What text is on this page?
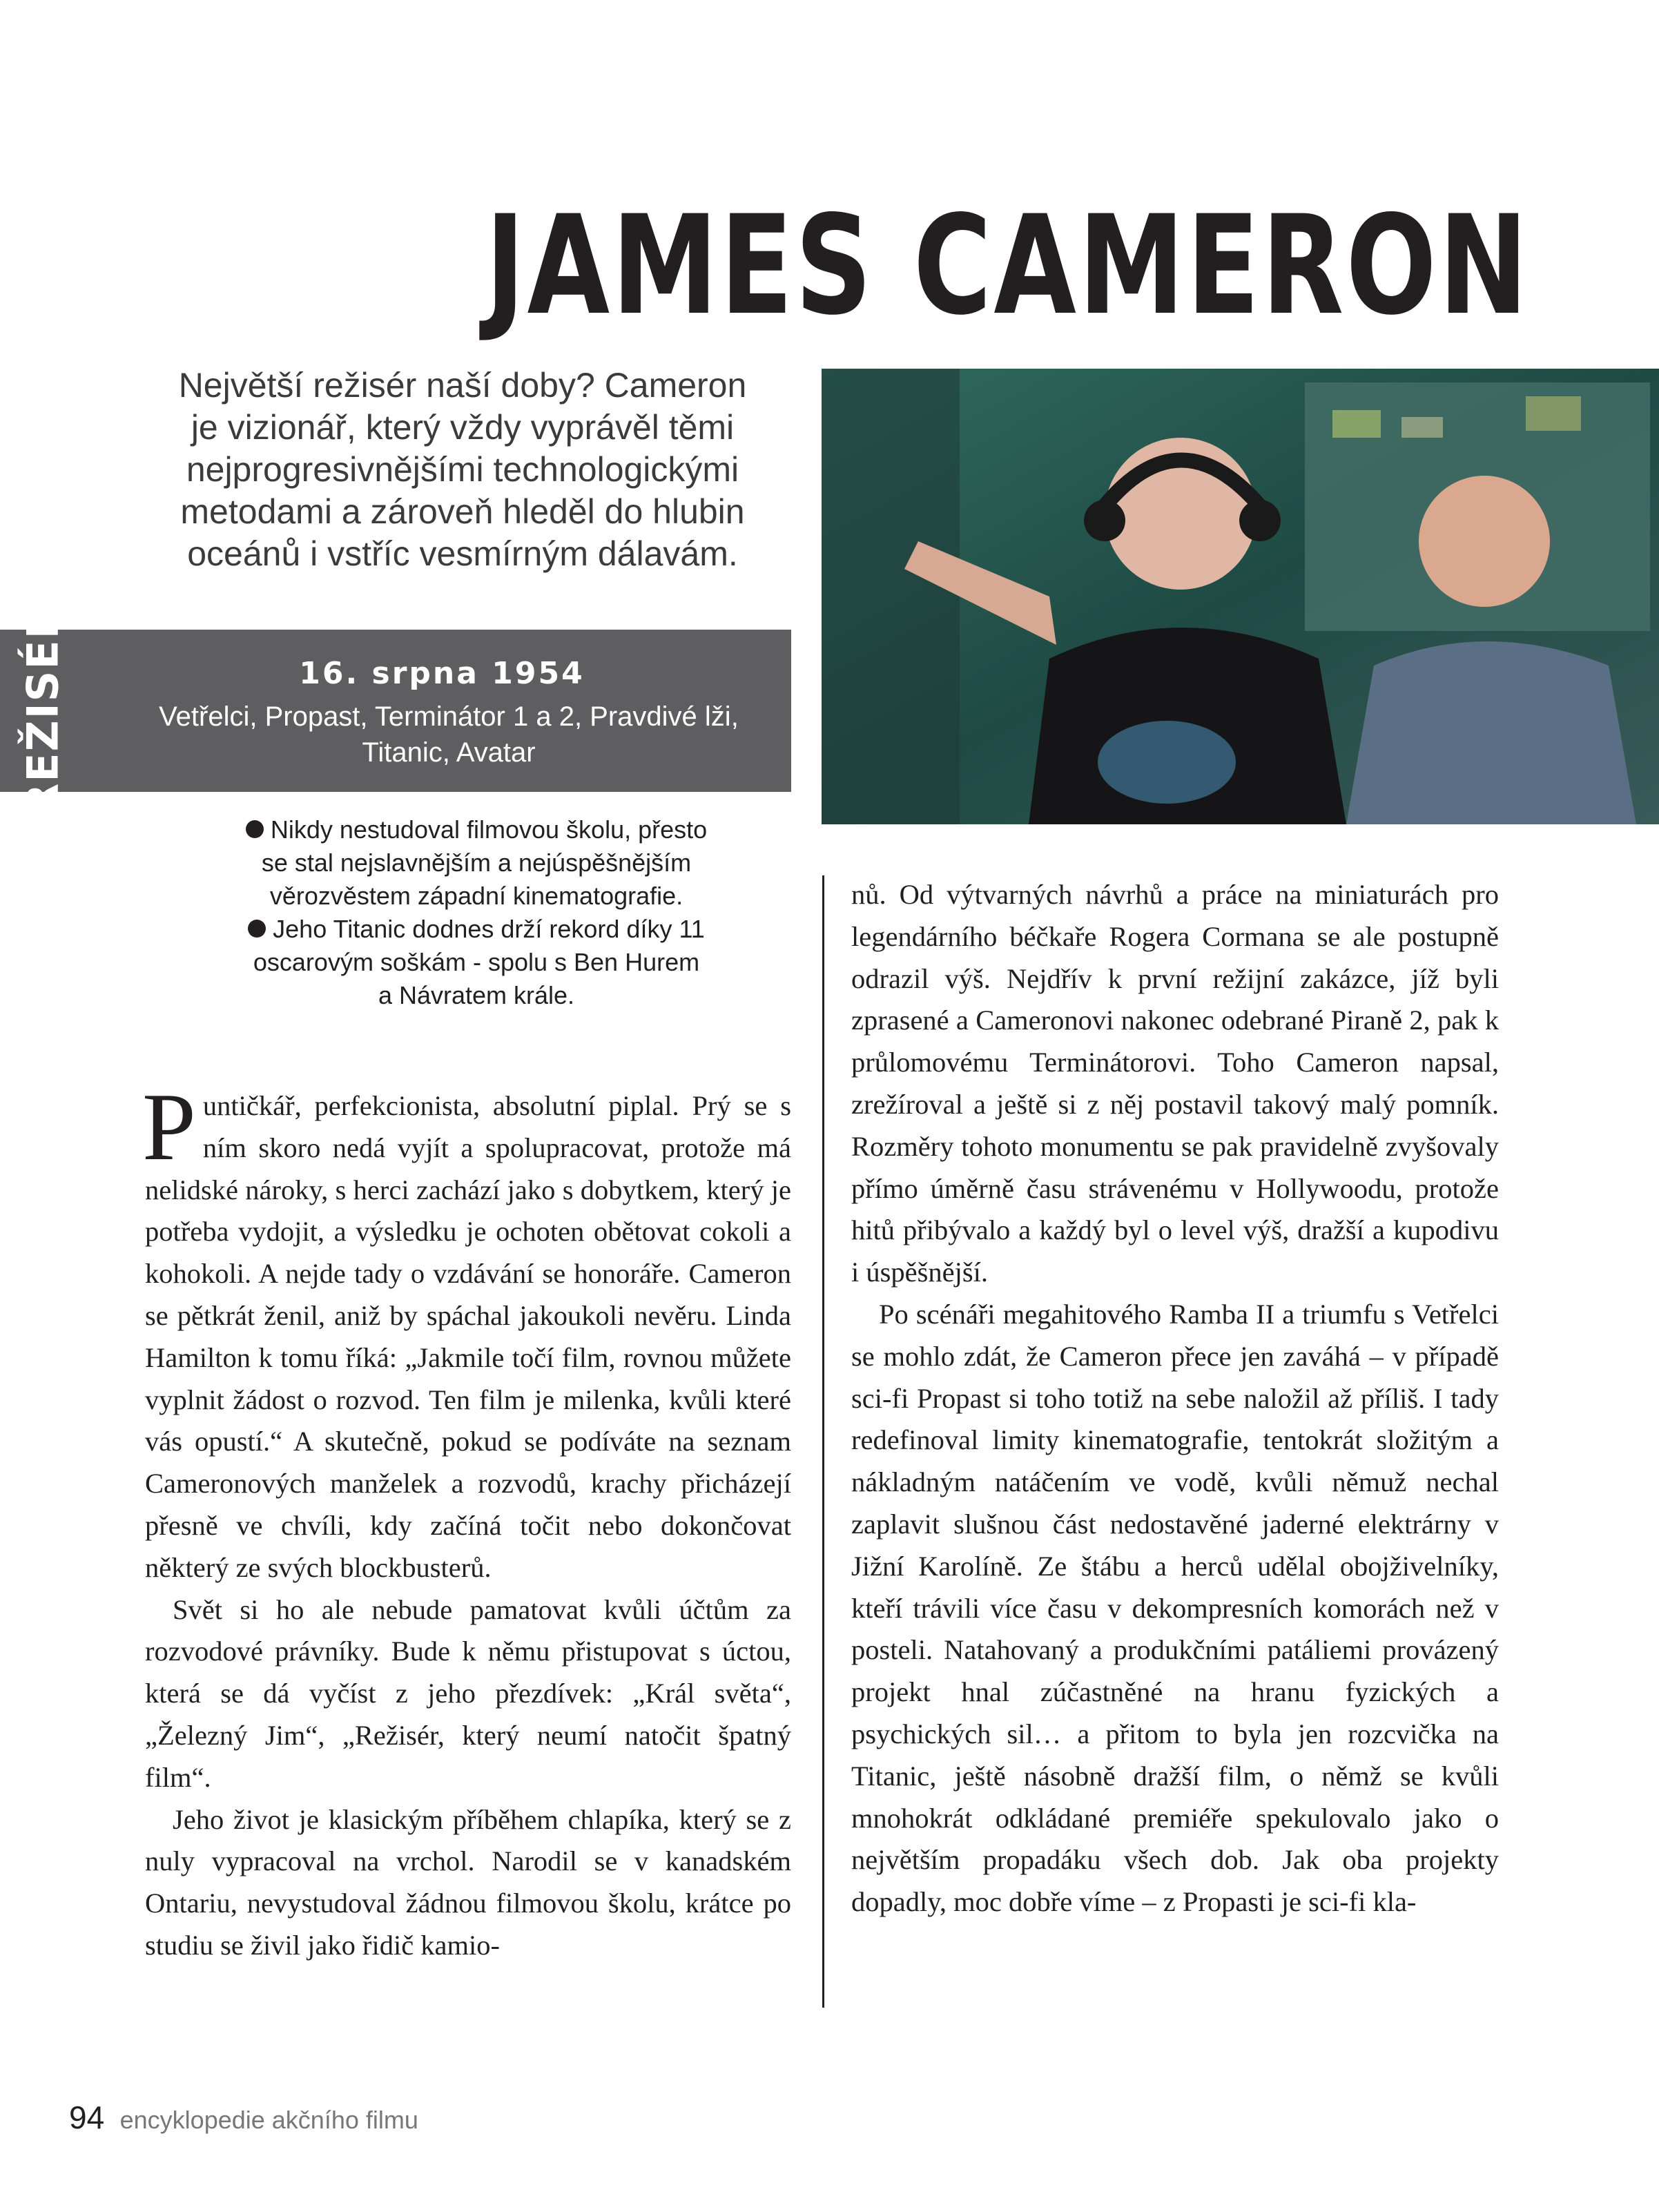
JAMES CAMERON
Největší režisér naší doby? Cameron
je vizionář, který vždy vyprávěl těmi
nejprogresivnějšími technologickými
metodami a zároveň hleděl do hlubin
oceánů i vstříc vesmírným dálavám.
REŽISÉR	16. srpna 1954
Vetřelci, Propast, Terminátor 1 a 2, Pravdivé lži,
Titanic, Avatar

Nikdy nestudoval filmovou školu, přesto

se stal nejslavnějším a nejúspěšnějším

věrozvěstem západní kinematografie.

Jeho Titanic dodnes drží rekord díky 11

oscarovým soškám - spolu s Ben Hurem

a Návratem krále.

Puntičkář, perfekcionista, absolutní piplal. Prý se s ním skoro nedá vyjít a spolupracovat, protože má nelidské nároky, s herci zachází jako s dobytkem, který je potřeba vydojit, a výsledku je ochoten obětovat cokoli a kohokoli. A nejde tady o vzdávání se honoráře. Cameron se pětkrát ženil, aniž by spáchal jakoukoli nevěru. Linda Hamilton k tomu říká: „Jakmile točí film, rovnou můžete vyplnit žádost o rozvod. Ten film je milenka, kvůli které vás opustí.“ A skutečně, pokud se podíváte na seznam Cameronových manželek a rozvodů, krachy přicházejí přesně ve chvíli, kdy začíná točit nebo dokončovat některý ze svých blockbusterů.

Svět si ho ale nebude pamatovat kvůli účtům za rozvodové právníky. Bude k němu přistupovat s úctou, která se dá vyčíst z jeho přezdívek: „Král světa“, „Železný Jim“, „Režisér, který neumí natočit špatný film“.

Jeho život je klasickým příběhem chlapíka, který se z nuly vypracoval na vrchol. Narodil se v kanadském Ontariu, nevystudoval žádnou filmovou školu, krátce po studiu se živil jako řidič kamio-

nů. Od výtvarných návrhů a práce na miniaturách pro legendárního béčkaře Rogera Cormana se ale postupně odrazil výš. Nejdřív k první režijní zakázce, jíž byli zprasené a Cameronovi nakonec odebrané Piraně 2, pak k průlomovému Terminátorovi. Toho Cameron napsal, zrežíroval a ještě si z něj postavil takový malý pomník. Rozměry tohoto monumentu se pak pravidelně zvyšovaly přímo úměrně času strávenému v Hollywoodu, protože hitů přibývalo a každý byl o level výš, dražší a kupodivu i úspěšnější.

Po scénáři megahitového Ramba II a triumfu s Vetřelci se mohlo zdát, že Cameron přece jen zaváhá – v případě sci-fi Propast si toho totiž na sebe naložil až příliš. I tady redefinoval limity kinematografie, tentokrát složitým a nákladným natáčením ve vodě, kvůli němuž nechal zaplavit slušnou část nedostavěné jaderné elektrárny v Jižní Karolíně. Ze štábu a herců udělal obojživelníky, kteří trávili více času v dekompresních komorách než v posteli. Natahovaný a produkčními patáliemi provázený projekt hnal zúčastněné na hranu fyzických a psychických sil… a přitom to byla jen rozcvička na Titanic, ještě násobně dražší film, o němž se kvůli mnohokrát odkládané premiéře spekulovalo jako o největším propadáku všech dob. Jak oba projekty dopadly, moc dobře víme – z Propasti je sci-fi kla-

94 encyklopedie akčního filmu
